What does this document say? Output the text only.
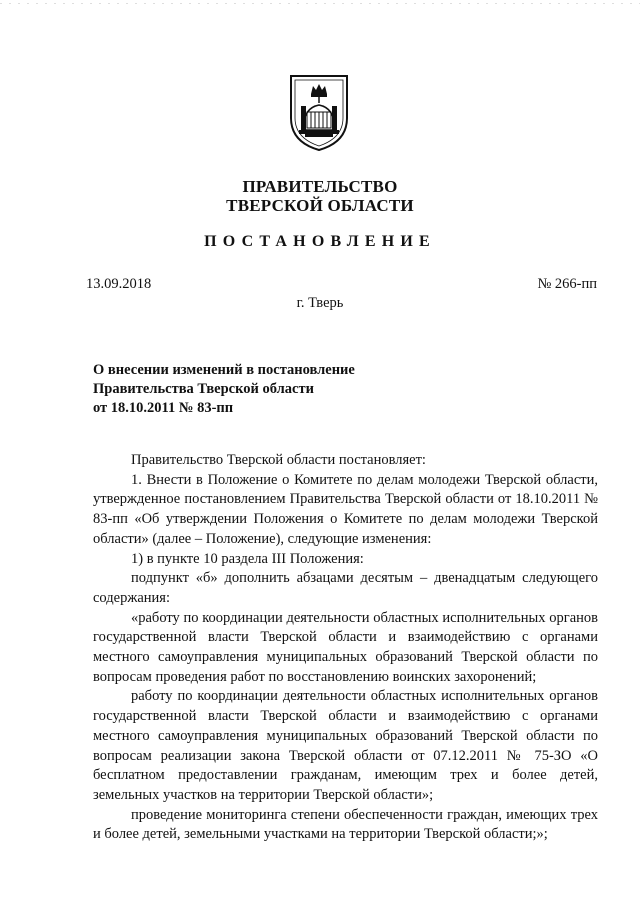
ПРАВИТЕЛЬСТВО
ТВЕРСКОЙ ОБЛАСТИ
ПОСТАНОВЛЕНИЕ
13.09.2018	№ 266-пп
г. Тверь
О внесении изменений в постановление
Правительства Тверской области
от 18.10.2011 № 83-пп

Правительство Тверской области постановляет:

1. Внести в Положение о Комитете по делам молодежи Тверской области, утвержденное постановлением Правительства Тверской области от 18.10.2011 № 83-пп «Об утверждении Положения о Комитете по делам молодежи Тверской области» (далее – Положение), следующие изменения:

1) в пункте 10 раздела III Положения:

подпункт «б» дополнить абзацами десятым – двенадцатым следующего содержания:

«работу по координации деятельности областных исполнительных органов государственной власти Тверской области и взаимодействию с органами местного самоуправления муниципальных образований Тверской области по вопросам проведения работ по восстановлению воинских захоронений;

работу по координации деятельности областных исполнительных органов государственной власти Тверской области и взаимодействию с органами местного самоуправления муниципальных образований Тверской области по вопросам реализации закона Тверской области от 07.12.2011 № 75-ЗО «О бесплатном предоставлении гражданам, имеющим трех и более детей, земельных участков на территории Тверской области»;

проведение мониторинга степени обеспеченности граждан, имеющих трех и более детей, земельными участками на территории Тверской области;»;
